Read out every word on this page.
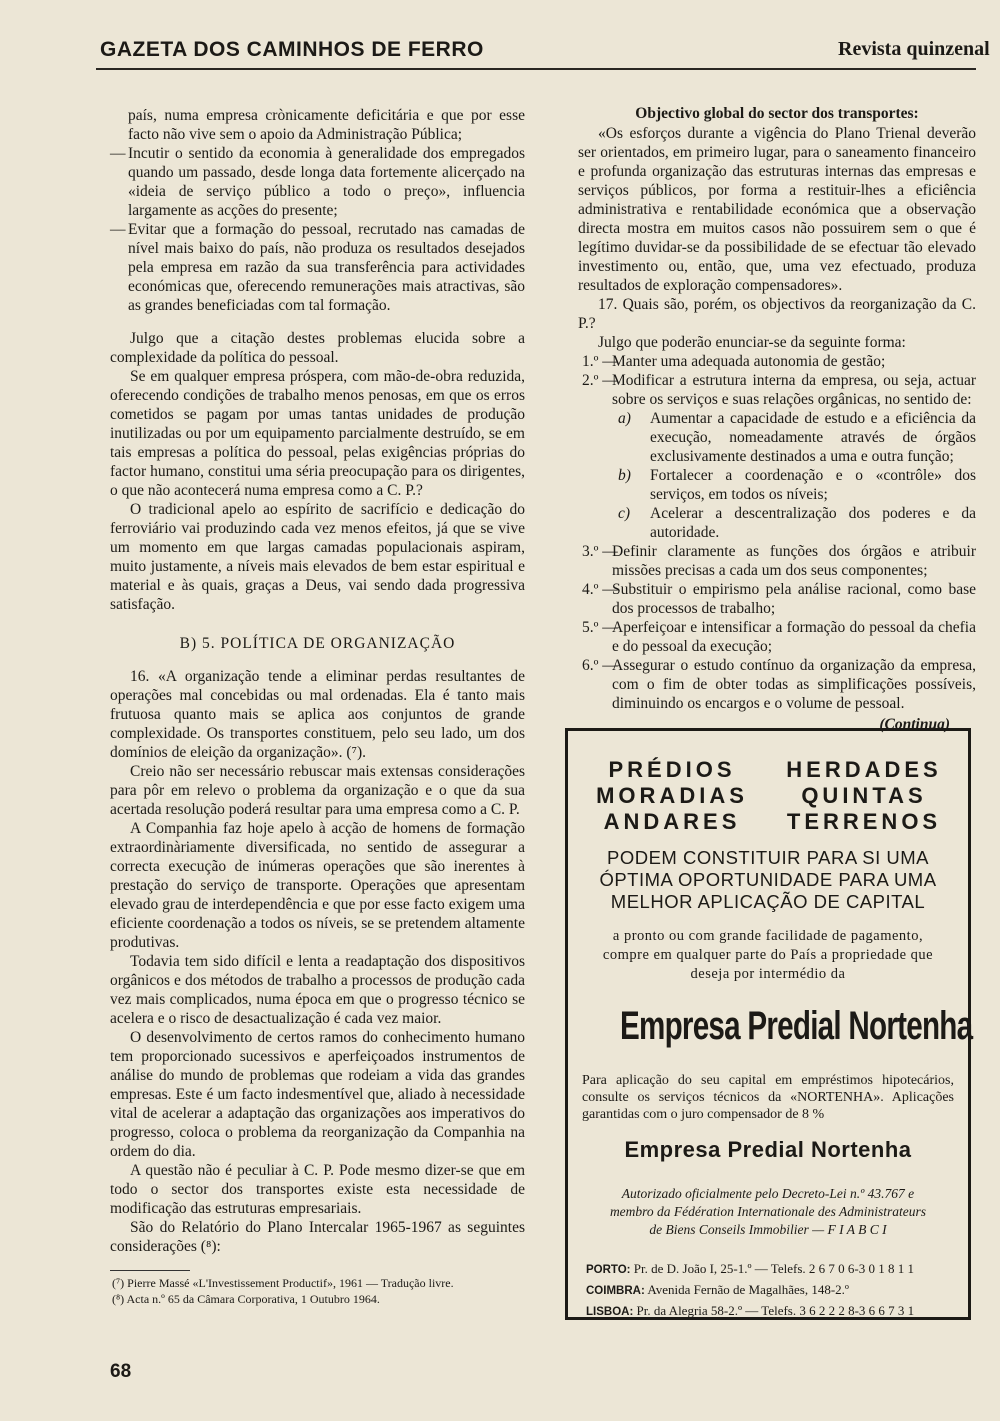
GAZETA DOS CAMINHOS DE FERRO	Revista quinzenal
país, numa empresa crònicamente deficitária e que por esse facto não vive sem o apoio da Administração Pública;
— Incutir o sentido da economia à generalidade dos empregados quando um passado, desde longa data fortemente alicerçado na «ideia de serviço público a todo o preço», influencia largamente as acções do presente;
— Evitar que a formação do pessoal, recrutado nas camadas de nível mais baixo do país, não produza os resultados desejados pela empresa em razão da sua transferência para actividades económicas que, oferecendo remunerações mais atractivas, são as grandes beneficiadas com tal formação.

Julgo que a citação destes problemas elucida sobre a complexidade da política do pessoal.

Se em qualquer empresa próspera, com mão-de-obra reduzida, oferecendo condições de trabalho menos penosas, em que os erros cometidos se pagam por umas tantas unidades de produção inutilizadas ou por um equipamento parcialmente destruído, se em tais empresas a política do pessoal, pelas exigências próprias do factor humano, constitui uma séria preocupação para os dirigentes, o que não acontecerá numa empresa como a C. P.?

O tradicional apelo ao espírito de sacrifício e dedicação do ferroviário vai produzindo cada vez menos efeitos, já que se vive um momento em que largas camadas populacionais aspiram, muito justamente, a níveis mais elevados de bem estar espiritual e material e às quais, graças a Deus, vai sendo dada progressiva satisfação.

B) 5. POLÍTICA DE ORGANIZAÇÃO

16. «A organização tende a eliminar perdas resultantes de operações mal concebidas ou mal ordenadas. Ela é tanto mais frutuosa quanto mais se aplica aos conjuntos de grande complexidade. Os transportes constituem, pelo seu lado, um dos domínios de eleição da organização». (⁷).

Creio não ser necessário rebuscar mais extensas considerações para pôr em relevo o problema da organização e o que da sua acertada resolução poderá resultar para uma empresa como a C. P.

A Companhia faz hoje apelo à acção de homens de formação extraordinàriamente diversificada, no sentido de assegurar a correcta execução de inúmeras operações que são inerentes à prestação do serviço de transporte. Operações que apresentam elevado grau de interdependência e que por esse facto exigem uma eficiente coordenação a todos os níveis, se se pretendem altamente produtivas.

Todavia tem sido difícil e lenta a readaptação dos dispositivos orgânicos e dos métodos de trabalho a processos de produção cada vez mais complicados, numa época em que o progresso técnico se acelera e o risco de desactualização é cada vez maior.

O desenvolvimento de certos ramos do conhecimento humano tem proporcionado sucessivos e aperfeiçoados instrumentos de análise do mundo de problemas que rodeiam a vida das grandes empresas. Este é um facto indesmentível que, aliado à necessidade vital de acelerar a adaptação das organizações aos imperativos do progresso, coloca o problema da reorganização da Companhia na ordem do dia.

A questão não é peculiar à C. P. Pode mesmo dizer-se que em todo o sector dos transportes existe esta necessidade de modificação das estruturas empresariais.

São do Relatório do Plano Intercalar 1965-1967 as seguintes considerações (⁸):

(⁷) Pierre Massé «L'Investissement Productif», 1961 — Tradução livre.
(⁸) Acta n.º 65 da Câmara Corporativa, 1 Outubro 1964.
Objectivo global do sector dos transportes:

«Os esforços durante a vigência do Plano Trienal deverão ser orientados, em primeiro lugar, para o saneamento financeiro e profunda organização das estruturas internas das empresas e serviços públicos, por forma a restituir-lhes a eficiência administrativa e rentabilidade económica que a observação directa mostra em muitos casos não possuirem sem o que é legítimo duvidar-se da possibilidade de se efectuar tão elevado investimento ou, então, que, uma vez efectuado, produza resultados de exploração compensadores».

17. Quais são, porém, os objectivos da reorganização da C. P.?

Julgo que poderão enunciar-se da seguinte forma:

1.º —
Manter uma adequada autonomia de gestão;
2.º —
Modificar a estrutura interna da empresa, ou seja, actuar sobre os serviços e suas relações orgânicas, no sentido de:
a) Aumentar a capacidade de estudo e a eficiência da execução, nomeadamente através de órgãos exclusivamente destinados a uma e outra função;
b) Fortalecer a coordenação e o «contrôle» dos serviços, em todos os níveis;
c) Acelerar a descentralização dos poderes e da autoridade.
3.º —
Definir claramente as funções dos órgãos e atribuir missões precisas a cada um dos seus componentes;
4.º —
Substituir o empirismo pela análise racional, como base dos processos de trabalho;
5.º —
Aperfeiçoar e intensificar a formação do pessoal da chefia e do pessoal da execução;
6.º —
Assegurar o estudo contínuo da organização da empresa, com o fim de obter todas as simplificações possíveis, diminuindo os encargos e o volume de pessoal.
(Continua)
PRÉDIOS	HERDADES
MORADIAS	QUINTAS
ANDARES	TERRENOS
PODEM CONSTITUIR PARA SI UMA
ÓPTIMA OPORTUNIDADE PARA UMA
MELHOR APLICAÇÃO DE CAPITAL
a pronto ou com grande facilidade de pagamento, compre em qualquer parte do País a propriedade que deseja por intermédio da
Empresa Predial Nortenha
Para aplicação do seu capital em empréstimos hipotecários, consulte os serviços técnicos da «NORTENHA». Aplicações garantidas com o juro compensador de 8 %
Empresa Predial Nortenha
Autorizado oficialmente pelo Decreto-Lei n.º 43.767 e
membro da Fédération Internationale des Administrateurs
de Biens Conseils Immobilier — F I A B C I
PORTO: Pr. de D. João I, 25-1.º — Telefs. 2 6 7 0 6-3 0 1 8 1 1
COIMBRA: Avenida Fernão de Magalhães, 148-2.º
LISBOA: Pr. da Alegria 58-2.º — Telefs. 3 6 2 2 2 8-3 6 6 7 3 1
68
